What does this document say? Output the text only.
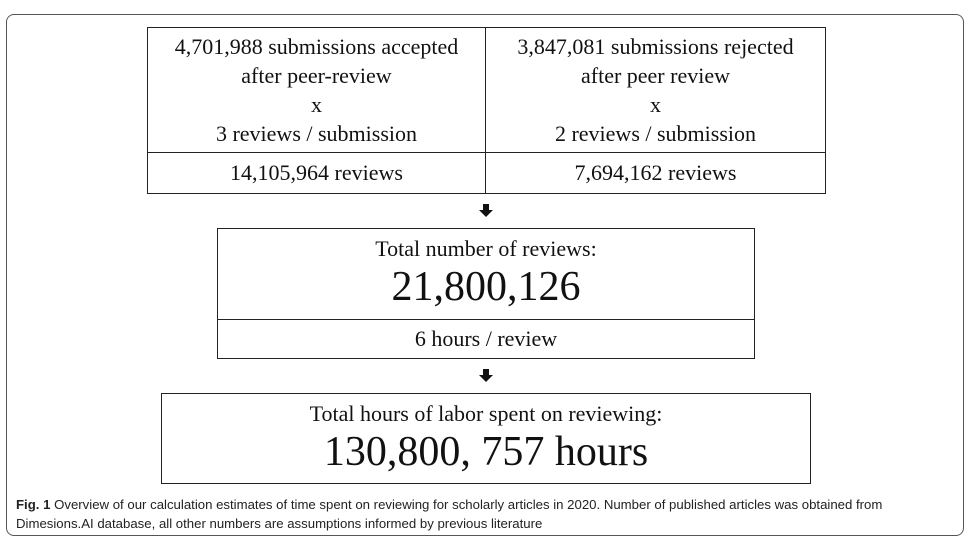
4,701,988 submissions accepted
after peer-review
x
3 reviews / submission
3,847,081 submissions rejected
after peer review
x
2 reviews / submission
14,105,964 reviews	7,694,162 reviews
Total number of reviews:
21,800,126
6 hours / review
Total hours of labor spent on reviewing:
130,800, 757 hours
Fig. 1 Overview of our calculation estimates of time spent on reviewing for scholarly articles in 2020. Number of published articles was obtained from Dimesions.AI database, all other numbers are assumptions informed by previous literature
